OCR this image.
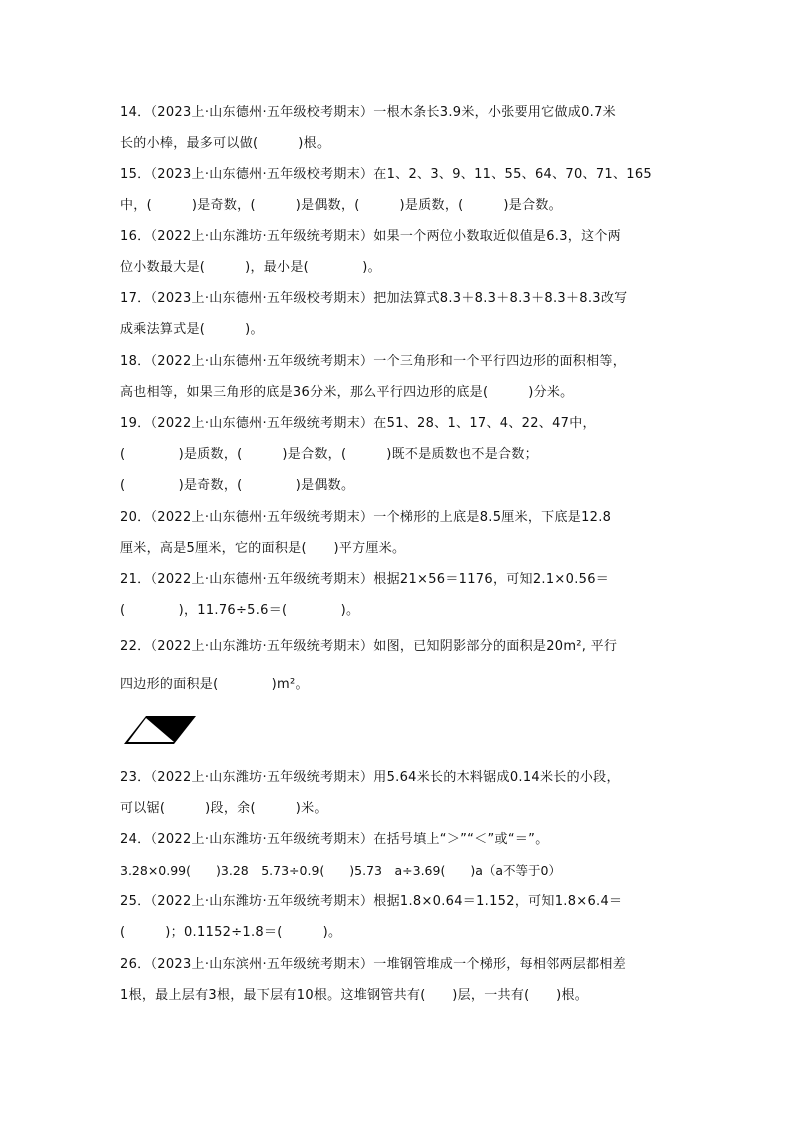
14．（2023上·山东德州·五年级校考期末）一根木条长3.9米，小张要用它做成0.7米
长的小棒，最多可以做(　　　)根。
15．（2023上·山东德州·五年级校考期末）在1、2、3、9、11、55、64、70、71、165
中，(　　　)是奇数，(　　　)是偶数，(　　　)是质数，(　　　)是合数。
16．（2022上·山东潍坊·五年级统考期末）如果一个两位小数取近似值是6.3，这个两
位小数最大是(　　　)，最小是(　　　　)。
17．（2023上·山东德州·五年级校考期末）把加法算式8.3＋8.3＋8.3＋8.3＋8.3改写
成乘法算式是(　　　)。
18．（2022上·山东德州·五年级统考期末）一个三角形和一个平行四边形的面积相等，
高也相等，如果三角形的底是36分米，那么平行四边形的底是(　　　)分米。
19．（2022上·山东德州·五年级统考期末）在51、28、1、17、4、22、47中，
(　　　　)是质数，(　　　)是合数，(　　　)既不是质数也不是合数；
(　　　　)是奇数，(　　　　)是偶数。
20．（2022上·山东德州·五年级统考期末）一个梯形的上底是8.5厘米，下底是12.8
厘米，高是5厘米，它的面积是(　　)平方厘米。
21．（2022上·山东德州·五年级统考期末）根据21×56＝1176，可知2.1×0.56＝
(　　　　)，11.76÷5.6＝(　　　　)。
22．（2022上·山东潍坊·五年级统考期末）如图，已知阴影部分的面积是20m², 平行
四边形的面积是(　　　　)m²。
23．（2022上·山东潍坊·五年级统考期末）用5.64米长的木料锯成0.14米长的小段，
可以锯(　　　)段，余(　　　)米。
24．（2022上·山东潍坊·五年级统考期末）在括号填上“＞”“＜”或“＝”。
3.28×0.99(　　)3.28　5.73÷0.9(　　)5.73　a÷3.69(　　)a（a不等于0）
25．（2022上·山东潍坊·五年级统考期末）根据1.8×0.64＝1.152，可知1.8×6.4＝
(　　　)；0.1152÷1.8＝(　　　)。
26．（2023上·山东滨州·五年级统考期末）一堆钢管堆成一个梯形，每相邻两层都相差
1根，最上层有3根，最下层有10根。这堆钢管共有(　　)层，一共有(　　)根。
